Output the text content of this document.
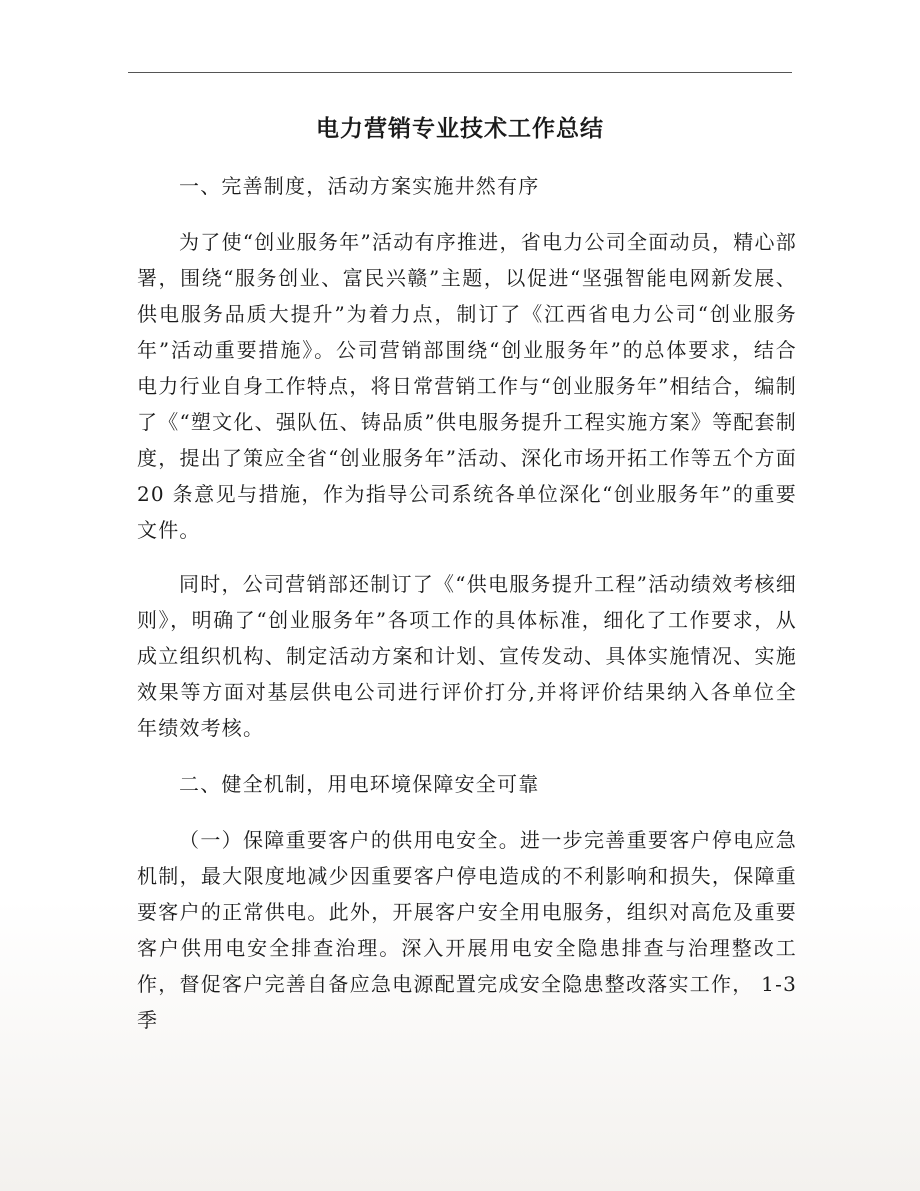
电力营销专业技术工作总结

一、完善制度，活动方案实施井然有序

为了使“创业服务年”活动有序推进，省电力公司全面动员，精心部署，围绕“服务创业、富民兴赣”主题，以促进“坚强智能电网新发展、供电服务品质大提升”为着力点，制订了《江西省电力公司“创业服务年”活动重要措施》。公司营销部围绕“创业服务年”的总体要求，结合电力行业自身工作特点，将日常营销工作与“创业服务年”相结合，编制了《“塑文化、强队伍、铸品质”供电服务提升工程实施方案》等配套制度，提出了策应全省“创业服务年”活动、深化市场开拓工作等五个方面 20 条意见与措施，作为指导公司系统各单位深化“创业服务年”的重要文件。

同时，公司营销部还制订了《“供电服务提升工程”活动绩效考核细则》，明确了“创业服务年”各项工作的具体标准，细化了工作要求，从成立组织机构、制定活动方案和计划、宣传发动、具体实施情况、实施效果等方面对基层供电公司进行评价打分,并将评价结果纳入各单位全年绩效考核。

二、健全机制，用电环境保障安全可靠

（一）保障重要客户的供用电安全。进一步完善重要客户停电应急机制，最大限度地减少因重要客户停电造成的不利影响和损失，保障重要客户的正常供电。此外，开展客户安全用电服务，组织对高危及重要客户供用电安全排查治理。深入开展用电安全隐患排查与治理整改工作，督促客户完善自备应急电源配置完成安全隐患整改落实工作， 1-3 季
